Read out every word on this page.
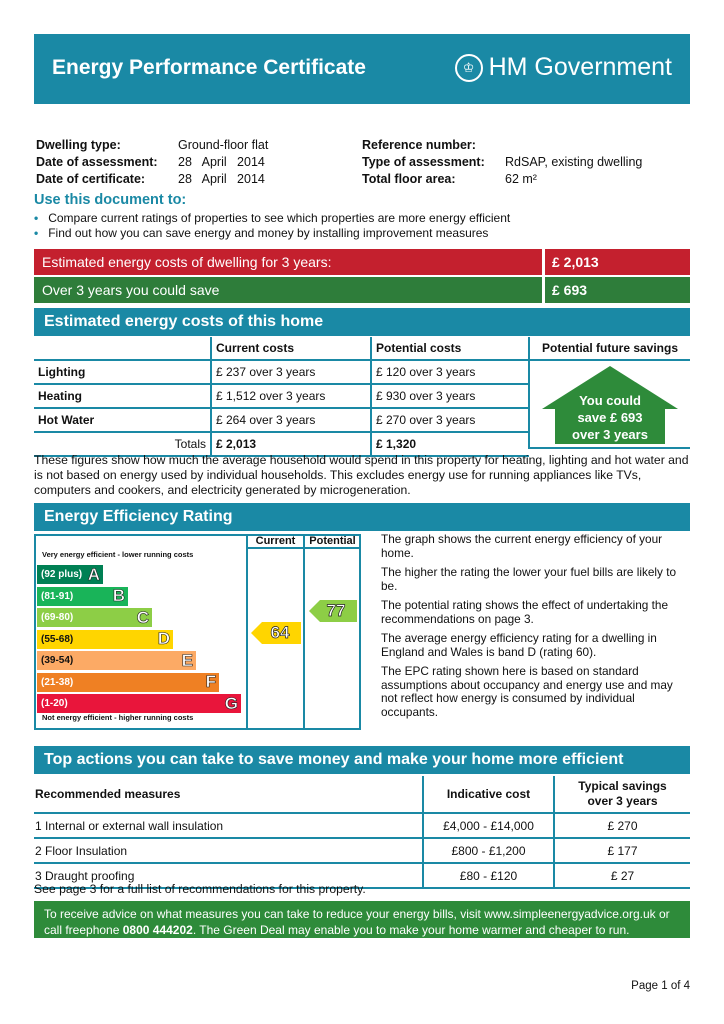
Energy Performance Certificate	♔ HM Government
Dwelling type:	Ground-floor flat
Date of assessment: 28   April   2014
Date of certificate:	28   April   2014
Reference number:
Type of assessment: RdSAP, existing dwelling
Total floor area:	62 m²
Use this document to:
• Compare current ratings of properties to see which properties are more energy efficient
• Find out how you can save energy and money by installing improvement measures
Estimated energy costs of dwelling for 3 years:	£ 2,013
Over 3 years you could save	£ 693
Estimated energy costs of this home
	Current costs	Potential costs
Lighting	£ 237 over 3 years	£ 120 over 3 years
Heating	£ 1,512 over 3 years	£ 930 over 3 years
Hot Water	£ 264 over 3 years	£ 270 over 3 years
Totals	£ 2,013	£ 1,320
Potential future savings
You could
save £ 693
over 3 years
These figures show how much the average household would spend in this property for heating, lighting and hot water and is not based on energy used by individual households. This excludes energy use for running appliances like TVs, computers and cookers, and electricity generated by microgeneration.
Energy Efficiency Rating
Current	Potential
Very energy efficient - lower running costs
Not energy efficient - higher running costs
(92 plus) A
(81-91) B
(69-80)	C
(55-68)	D
(39-54)	E
(21-38)	F
(1-20)	G
64
77

The graph shows the current energy efficiency of your home.

The higher the rating the lower your fuel bills are likely to be.

The potential rating shows the effect of undertaking the recommendations on page 3.

The average energy efficiency rating for a dwelling in England and Wales is band D (rating 60).

The EPC rating shown here is based on standard assumptions about occupancy and energy use and may not reflect how energy is consumed by individual occupants.

Top actions you can take to save money and make your home more efficient
Recommended measures	Indicative cost	Typical savings
over 3 years
1 Internal or external wall insulation	£4,000 - £14,000	£ 270
2 Floor Insulation	£800 - £1,200	£ 177
3 Draught proofing	£80 - £120	£ 27
See page 3 for a full list of recommendations for this property.
To receive advice on what measures you can take to reduce your energy bills, visit www.simpleenergyadvice.org.uk or
call freephone 0800 444202. The Green Deal may enable you to make your home warmer and cheaper to run.
Page 1 of 4
